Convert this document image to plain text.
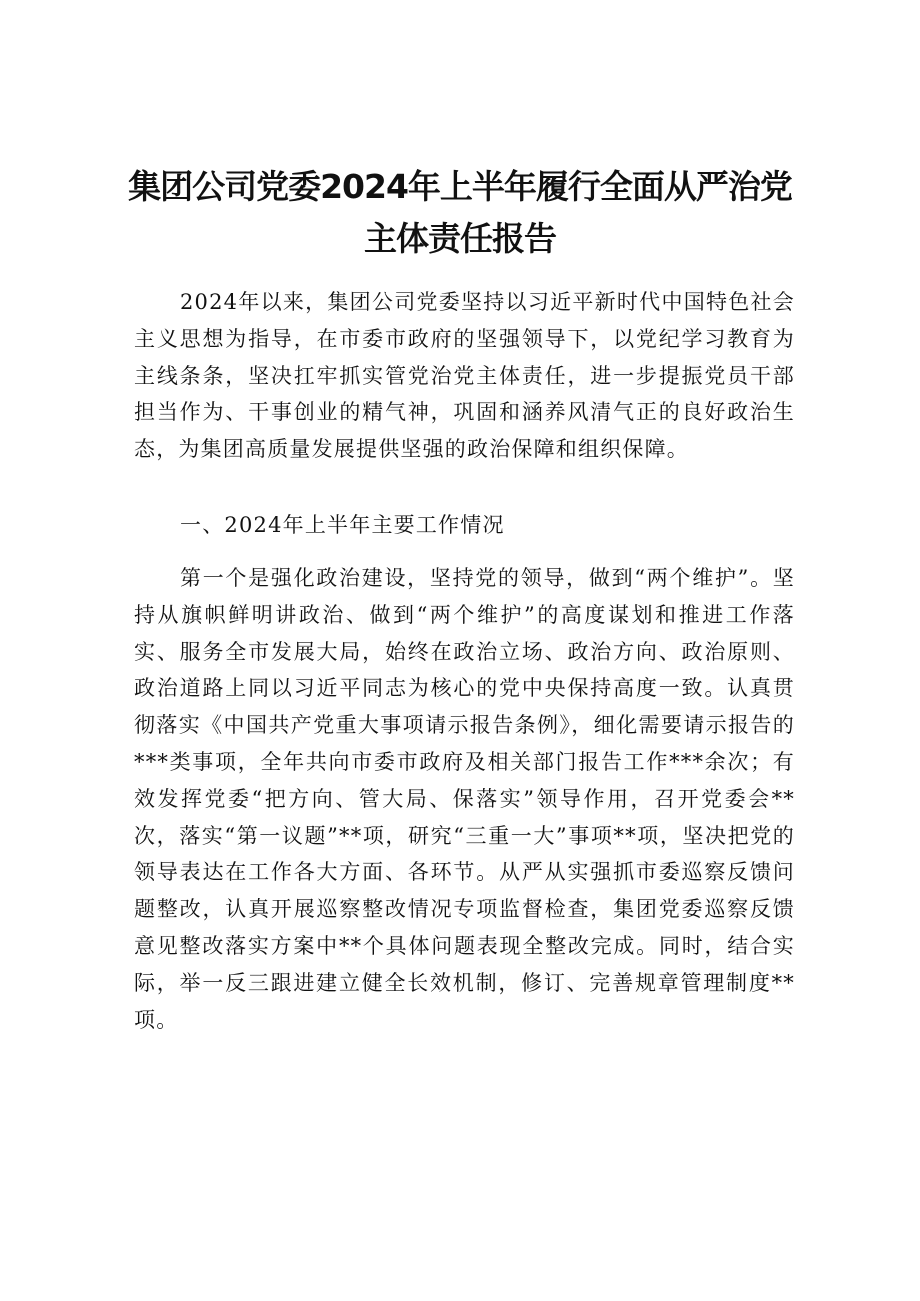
集团公司党委2024年上半年履行全面从严治党
主体责任报告

2024年以来，集团公司党委坚持以习近平新时代中国特色社会主义思想为指导，在市委市政府的坚强领导下，以党纪学习教育为主线条条，坚决扛牢抓实管党治党主体责任，进一步提振党员干部担当作为、干事创业的精气神，巩固和涵养风清气正的良好政治生态，为集团高质量发展提供坚强的政治保障和组织保障。

一、2024年上半年主要工作情况

第一个是强化政治建设，坚持党的领导，做到“两个维护”。坚持从旗帜鲜明讲政治、做到“两个维护”的高度谋划和推进工作落实、服务全市发展大局，始终在政治立场、政治方向、政治原则、政治道路上同以习近平同志为核心的党中央保持高度一致。认真贯彻落实《中国共产党重大事项请示报告条例》，细化需要请示报告的***类事项，全年共向市委市政府及相关部门报告工作***余次；有效发挥党委“把方向、管大局、保落实”领导作用，召开党委会**次，落实“第一议题”**项，研究“三重一大”事项**项，坚决把党的领导表达在工作各大方面、各环节。从严从实强抓市委巡察反馈问题整改，认真开展巡察整改情况专项监督检查，集团党委巡察反馈意见整改落实方案中**个具体问题表现全整改完成。同时，结合实际，举一反三跟进建立健全长效机制，修订、完善规章管理制度**项。
